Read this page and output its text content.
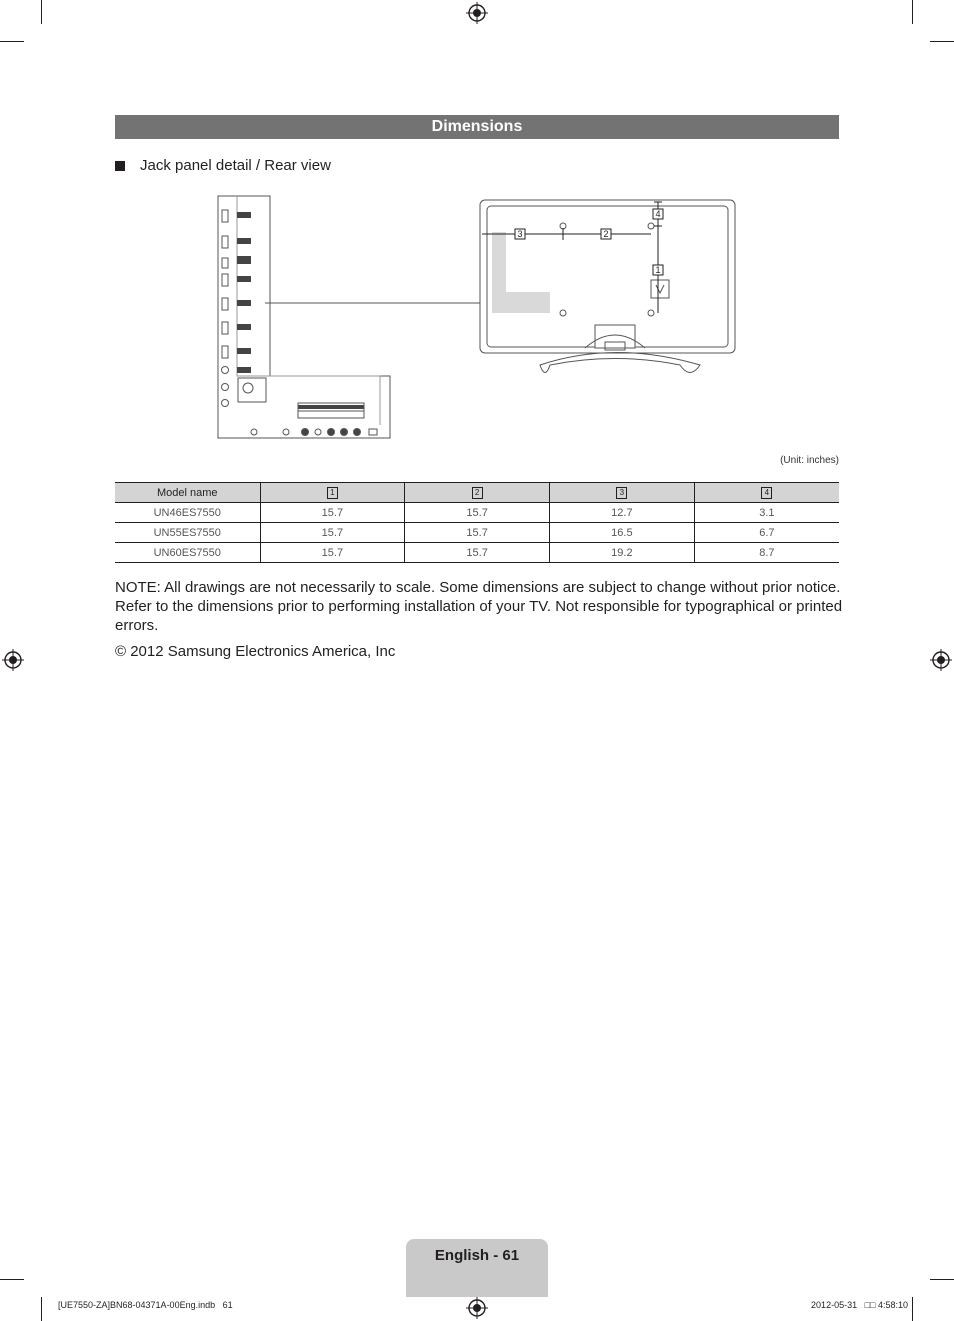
Dimensions
Jack panel detail / Rear view
3	2
4
1
(Unit: inches)
Model name	1	2	3	4
UN46ES7550	15.7	15.7	12.7	3.1
UN55ES7550	15.7	15.7	16.5	6.7
UN60ES7550	15.7	15.7	19.2	8.7

NOTE: All drawings are not necessarily to scale. Some dimensions are subject to change without prior notice. Refer to the dimensions prior to performing installation of your TV. Not responsible for typographical or printed errors.

© 2012 Samsung Electronics America, Inc
English - 61
[UE7550-ZA]BN68-04371A-00Eng.indb   61	2012-05-31   □□ 4:58:10
